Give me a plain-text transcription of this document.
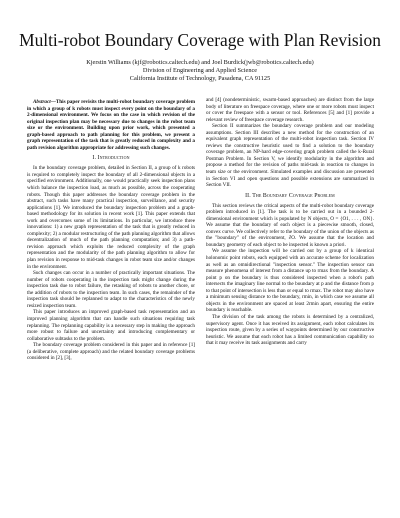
Multi-robot Boundary Coverage with Plan Revision
Kjerstin Williams (kjf@robotics.caltech.edu) and Joel Burdick(jwb@robotics.caltech.edu)
Division of Engineering and Applied Science
California Institute of Technology, Pasadena, CA 91125

Abstract—This paper revisits the multi-robot boundary coverage problem in which a group of k robots must inspect every point on the boundary of a 2-dimensional environment. We focus on the case in which revision of the original inspection plan may be necessary due to changes in the robot team size or the environment. Building upon prior work, which presented a graph-based approach to path planning for this problem, we present a graph representation of the task that is greatly reduced in complexity and a path revision algorithm appropriate for addressing such changes.

I. Introduction

In the boundary coverage problem, detailed in Section II, a group of k robots is required to completely inspect the boundary of all 2-dimensional objects in a specified environment. Additionally, one would practically seek inspection plans which balance the inspection load, as much as possible, across the cooperating robots. Though this paper addresses the boundary coverage problem in the abstract, such tasks have many practical inspection, surveillance, and security applications [1]. We introduced the boundary inspection problem and a graph-based methodology for its solution in recent work [1]. This paper extends that work and overcomes some of its limitations. In particular, we introduce three innovations: 1) a new graph representation of the task that is greatly reduced in complexity; 2) a modular restructuring of the path planning algorithm that allows decentralization of much of the path planning computation; and 3) a path-revision approach which exploits the reduced complexity of the graph representation and the modularity of the path planning algorithm to allow for plan revision in response to mid-task changes in robot team size and/or changes in the environment.

Such changes can occur in a number of practically important situations. The number of robots cooperating in the inspection task might change during the inspection task due to robot failure, the retasking of robots to another chore, or the addition of robots to the inspection team. In such cases, the remainder of the inspection task should be replanned to adapt to the characteristics of the newly resized inspection team.

This paper introduces an improved graph-based task representation and an improved planning algorithm that can handle such situations requiring task replanning. The replanning capability is a necessary step in making the approach more robust to failure and uncertainty and introducing complementary or collaborative subtasks to the problem.

The boundary coverage problem considered in this paper and in reference [1] (a deliberative, complete approach) and the related boundary coverage problems considered in [2], [3],

and [4] (nondeterministic, swarm-based approaches) are distinct from the large body of literature on freespace coverage, where one or more robots must inspect or cover the freespace with a sensor or tool. References [5] and [1] provide a relevant review of freespace coverage research.

Section II summarizes the boundary coverage problem and our modeling assumptions. Section III describes a new method for the construction of an equivalent graph representation of the multi-robot inspection task. Section IV reviews the constructive heuristic used to find a solution to the boundary coverage problem, an NP-hard edge-covering graph problem called the k-Rural Postman Problem. In Section V, we identify modularity in the algorithm and propose a method for the revision of paths mid-task in reaction to changes in team size or the environment. Simulated examples and discussion are presented in Section VI and open questions and possible extensions are summarized in Section VII.

II. The Boundary Coverage Problem

This section reviews the critical aspects of the multi-robot boundary coverage problem introduced in [1]. The task is to be carried out in a bounded 2-dimensional environment which is populated by N objects, O = {O1, . . . , ON}. We assume that the boundary of each object is a piecewise smooth, closed, convex curve. We collectively refer to the boundary of the union of the objects as the "boundary" of the environment, ∂O. We assume that the location and boundary geometry of each object to be inspected is known a priori.

We assume the inspection will be carried out by a group of k identical holonomic point robots, each equipped with an accurate scheme for localization as well as an omnidirectional "inspection sensor." The inspection sensor can measure phenomena of interest from a distance up to rmax from the boundary. A point p on the boundary is thus considered inspected when a robot's path intersects the imaginary line normal to the boundary at p and the distance from p to that point of intersection is less than or equal to rmax. The robot may also have a minimum sensing distance to the boundary, rmin, in which case we assume all objects in the environment are spaced at least 2rmin apart, ensuring the entire boundary is reachable.

The division of the task among the robots is determined by a centralized, supervisory agent. Once it has received its assignment, each robot calculates its inspection route, given by a series of waypoints determined by our constructive heuristic. We assume that each robot has a limited communication capability so that it may receive its task assignments and carry
